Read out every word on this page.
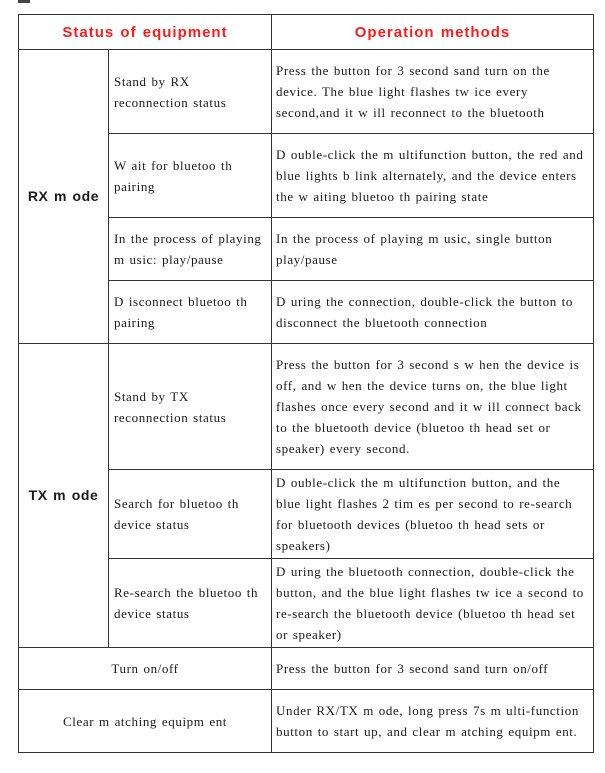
Status of equipment		Operation methods
RX m ode	Stand by RX reconnection status	Press the button for 3 second sand turn on the device. The blue light flashes tw ice every second,and it w ill reconnect to the bluetooth
	W ait for bluetoo th pairing	D ouble-click the m ultifunction button, the red and blue lights b link alternately, and the device enters the w aiting bluetoo th pairing state
	In the process of playing m usic: play/pause	In the process of playing m usic, single button play/pause
	D isconnect bluetoo th pairing	D uring the connection, double-click the button to disconnect the bluetooth connection
TX m ode	Stand by TX reconnection status	Press the button for 3 second s w hen the device is off, and w hen the device turns on, the blue light flashes once every second and it w ill connect back to the bluetooth device (bluetoo th head set or speaker) every second.
	Search for bluetoo th device status	D ouble-click the m ultifunction button, and the blue light flashes 2 tim es per second to re-search for bluetooth devices (bluetoo th head sets or speakers)
	Re-search the bluetoo th device status	D uring the bluetooth connection, double-click the button, and the blue light flashes tw ice a second to re-search the bluetooth device (bluetoo th head set or speaker)
Turn on/off		Press the button for 3 second sand turn on/off
Clear m atching equipm ent		Under RX/TX m ode, long press 7s m ulti-function button to start up, and clear m atching equipm ent.
